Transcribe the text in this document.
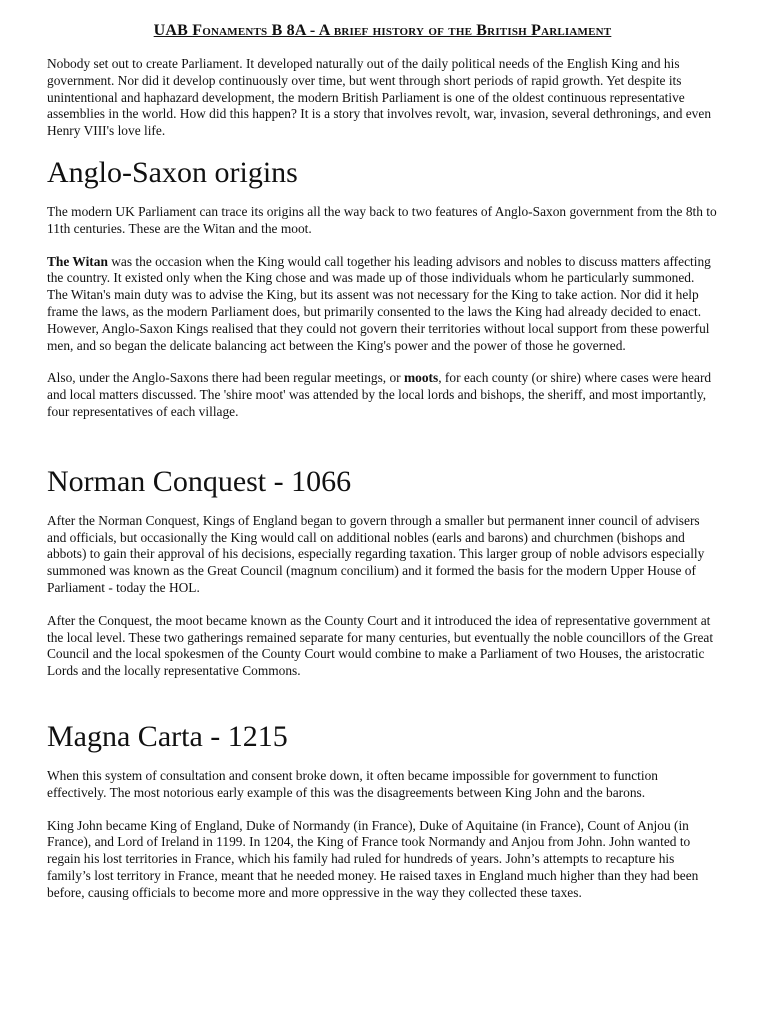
UAB Fonaments B 8A - A brief history of the British Parliament

Nobody set out to create Parliament. It developed naturally out of the daily political needs of the English King and his government. Nor did it develop continuously over time, but went through short periods of rapid growth. Yet despite its unintentional and haphazard development, the modern British Parliament is one of the oldest continuous representative assemblies in the world. How did this happen? It is a story that involves revolt, war, invasion, several dethronings, and even Henry VIII's love life.

Anglo-Saxon origins

The modern UK Parliament can trace its origins all the way back to two features of Anglo-Saxon government from the 8th to 11th centuries. These are the Witan and the moot.

The Witan was the occasion when the King would call together his leading advisors and nobles to discuss matters affecting the country. It existed only when the King chose and was made up of those individuals whom he particularly summoned. The Witan's main duty was to advise the King, but its assent was not necessary for the King to take action. Nor did it help frame the laws, as the modern Parliament does, but primarily consented to the laws the King had already decided to enact. However, Anglo-Saxon Kings realised that they could not govern their territories without local support from these powerful men, and so began the delicate balancing act between the King's power and the power of those he governed.

Also, under the Anglo-Saxons there had been regular meetings, or moots, for each county (or shire) where cases were heard and local matters discussed. The 'shire moot' was attended by the local lords and bishops, the sheriff, and most importantly, four representatives of each village.

Norman Conquest - 1066

After the Norman Conquest, Kings of England began to govern through a smaller but permanent inner council of advisers and officials, but occasionally the King would call on additional nobles (earls and barons) and churchmen (bishops and abbots) to gain their approval of his decisions, especially regarding taxation. This larger group of noble advisors especially summoned was known as the Great Council (magnum concilium) and it formed the basis for the modern Upper House of Parliament - today the HOL.

After the Conquest, the moot became known as the County Court and it introduced the idea of representative government at the local level. These two gatherings remained separate for many centuries, but eventually the noble councillors of the Great Council and the local spokesmen of the County Court would combine to make a Parliament of two Houses, the aristocratic Lords and the locally representative Commons.

Magna Carta - 1215

When this system of consultation and consent broke down, it often became impossible for government to function effectively. The most notorious early example of this was the disagreements between King John and the barons.

King John became King of England, Duke of Normandy (in France), Duke of Aquitaine (in France), Count of Anjou (in France), and Lord of Ireland in 1199. In 1204, the King of France took Normandy and Anjou from John. John wanted to regain his lost territories in France, which his family had ruled for hundreds of years. John’s attempts to recapture his family’s lost territory in France, meant that he needed money. He raised taxes in England much higher than they had been before, causing officials to become more and more oppressive in the way they collected these taxes.
